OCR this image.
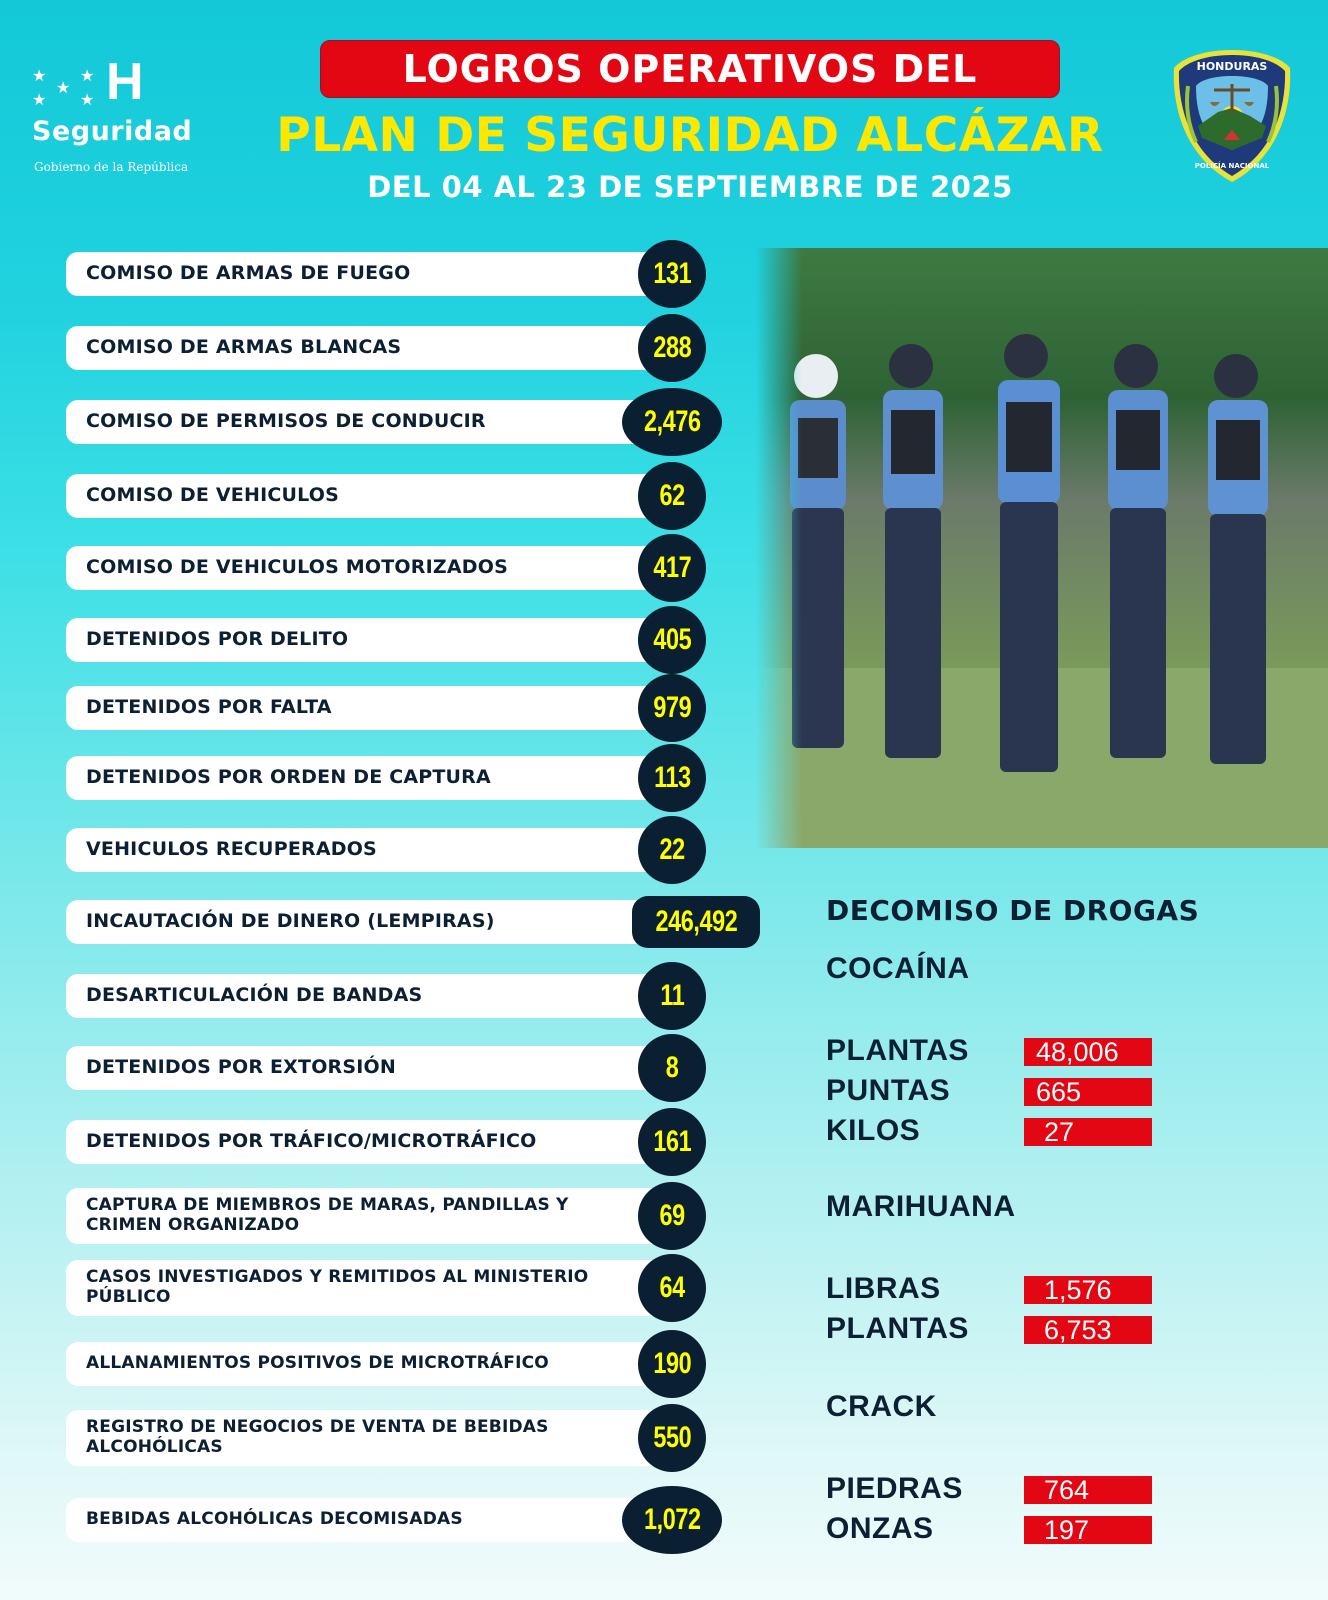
★ ★
★
★ ★ H
Seguridad
Gobierno de la República
LOGROS OPERATIVOS DEL
PLAN DE SEGURIDAD ALCÁZAR
DEL 04 AL 23 DE SEPTIEMBRE DE 2025
HONDURAS
POLICÍA NACIONAL
COMISO DE ARMAS DE FUEGO	131
COMISO DE ARMAS BLANCAS	288
COMISO DE PERMISOS DE CONDUCIR	2,476
COMISO DE VEHICULOS	62
COMISO DE VEHICULOS MOTORIZADOS	417
DETENIDOS POR DELITO	405
DETENIDOS POR FALTA	979
DETENIDOS POR ORDEN DE CAPTURA	113
VEHICULOS RECUPERADOS	22
INCAUTACIÓN DE DINERO (LEMPIRAS)	246,492
DESARTICULACIÓN DE BANDAS	11
DETENIDOS POR EXTORSIÓN	8
DETENIDOS POR TRÁFICO/MICROTRÁFICO	161
CAPTURA DE MIEMBROS DE MARAS, PANDILLAS Y CRIMEN ORGANIZADO	69
CASOS INVESTIGADOS Y REMITIDOS AL MINISTERIO PÚBLICO	64
ALLANAMIENTOS POSITIVOS DE MICROTRÁFICO	190
REGISTRO DE NEGOCIOS DE VENTA DE BEBIDAS ALCOHÓLICAS	550
BEBIDAS ALCOHÓLICAS DECOMISADAS	1,072
DECOMISO DE DROGAS
COCAÍNA
PLANTAS	48,006
PUNTAS	665
KILOS	27
MARIHUANA
LIBRAS	1,576
PLANTAS	6,753
CRACK
PIEDRAS	764
ONZAS	197
